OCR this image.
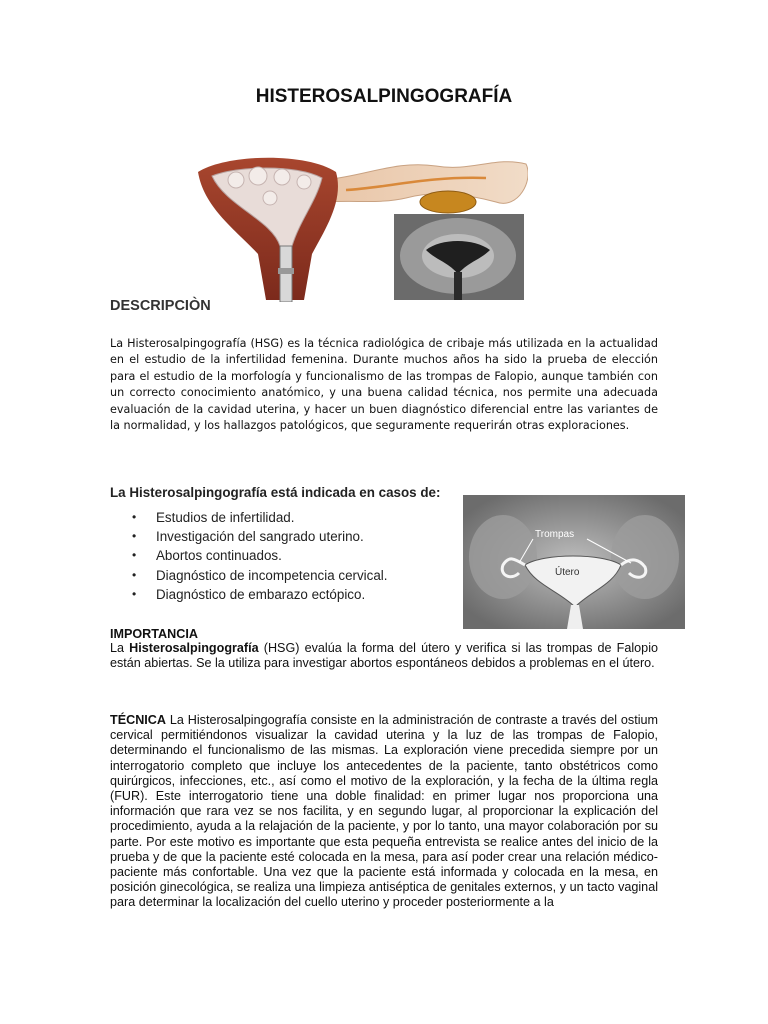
HISTEROSALPINGOGRAFÍA
DESCRIPCIÒN

La Histerosalpingografía (HSG) es la técnica radiológica de cribaje más utilizada en la actualidad en el estudio de la infertilidad femenina. Durante muchos años ha sido la prueba de elección para el estudio de la morfología y funcionalismo de las trompas de Falopio, aunque también con un correcto conocimiento anatómico, y una buena calidad técnica, nos permite una adecuada evaluación de la cavidad uterina, y hacer un buen diagnóstico diferencial entre las variantes de la normalidad, y los hallazgos patológicos, que seguramente requerirán otras exploraciones.

La Histerosalpingografía está indicada en casos de:
• Estudios de infertilidad.
• Investigación del sangrado uterino.
• Abortos continuados.
• Diagnóstico de incompetencia cervical.
• Diagnóstico de embarazo ectópico.
Trompas
Útero
IMPORTANCIA

La Histerosalpingografía (HSG) evalúa la forma del útero y verifica si las trompas de Falopio están abiertas. Se la utiliza para investigar abortos espontáneos debidos a problemas en el útero.

TÉCNICA La Histerosalpingografía consiste en la administración de contraste a través del ostium cervical permitiéndonos visualizar la cavidad uterina y la luz de las trompas de Falopio, determinando el funcionalismo de las mismas. La exploración viene precedida siempre por un interrogatorio completo que incluye los antecedentes de la paciente, tanto obstétricos como quirúrgicos, infecciones, etc., así como el motivo de la exploración, y la fecha de la última regla (FUR). Este interrogatorio tiene una doble finalidad: en primer lugar nos proporciona una información que rara vez se nos facilita, y en segundo lugar, al proporcionar la explicación del procedimiento, ayuda a la relajación de la paciente, y por lo tanto, una mayor colaboración por su parte. Por este motivo es importante que esta pequeña entrevista se realice antes del inicio de la prueba y de que la paciente esté colocada en la mesa, para así poder crear una relación médico-paciente más confortable. Una vez que la paciente está informada y colocada en la mesa, en posición ginecológica, se realiza una limpieza antiséptica de genitales externos, y un tacto vaginal para determinar la localización del cuello uterino y proceder posteriormente a la
